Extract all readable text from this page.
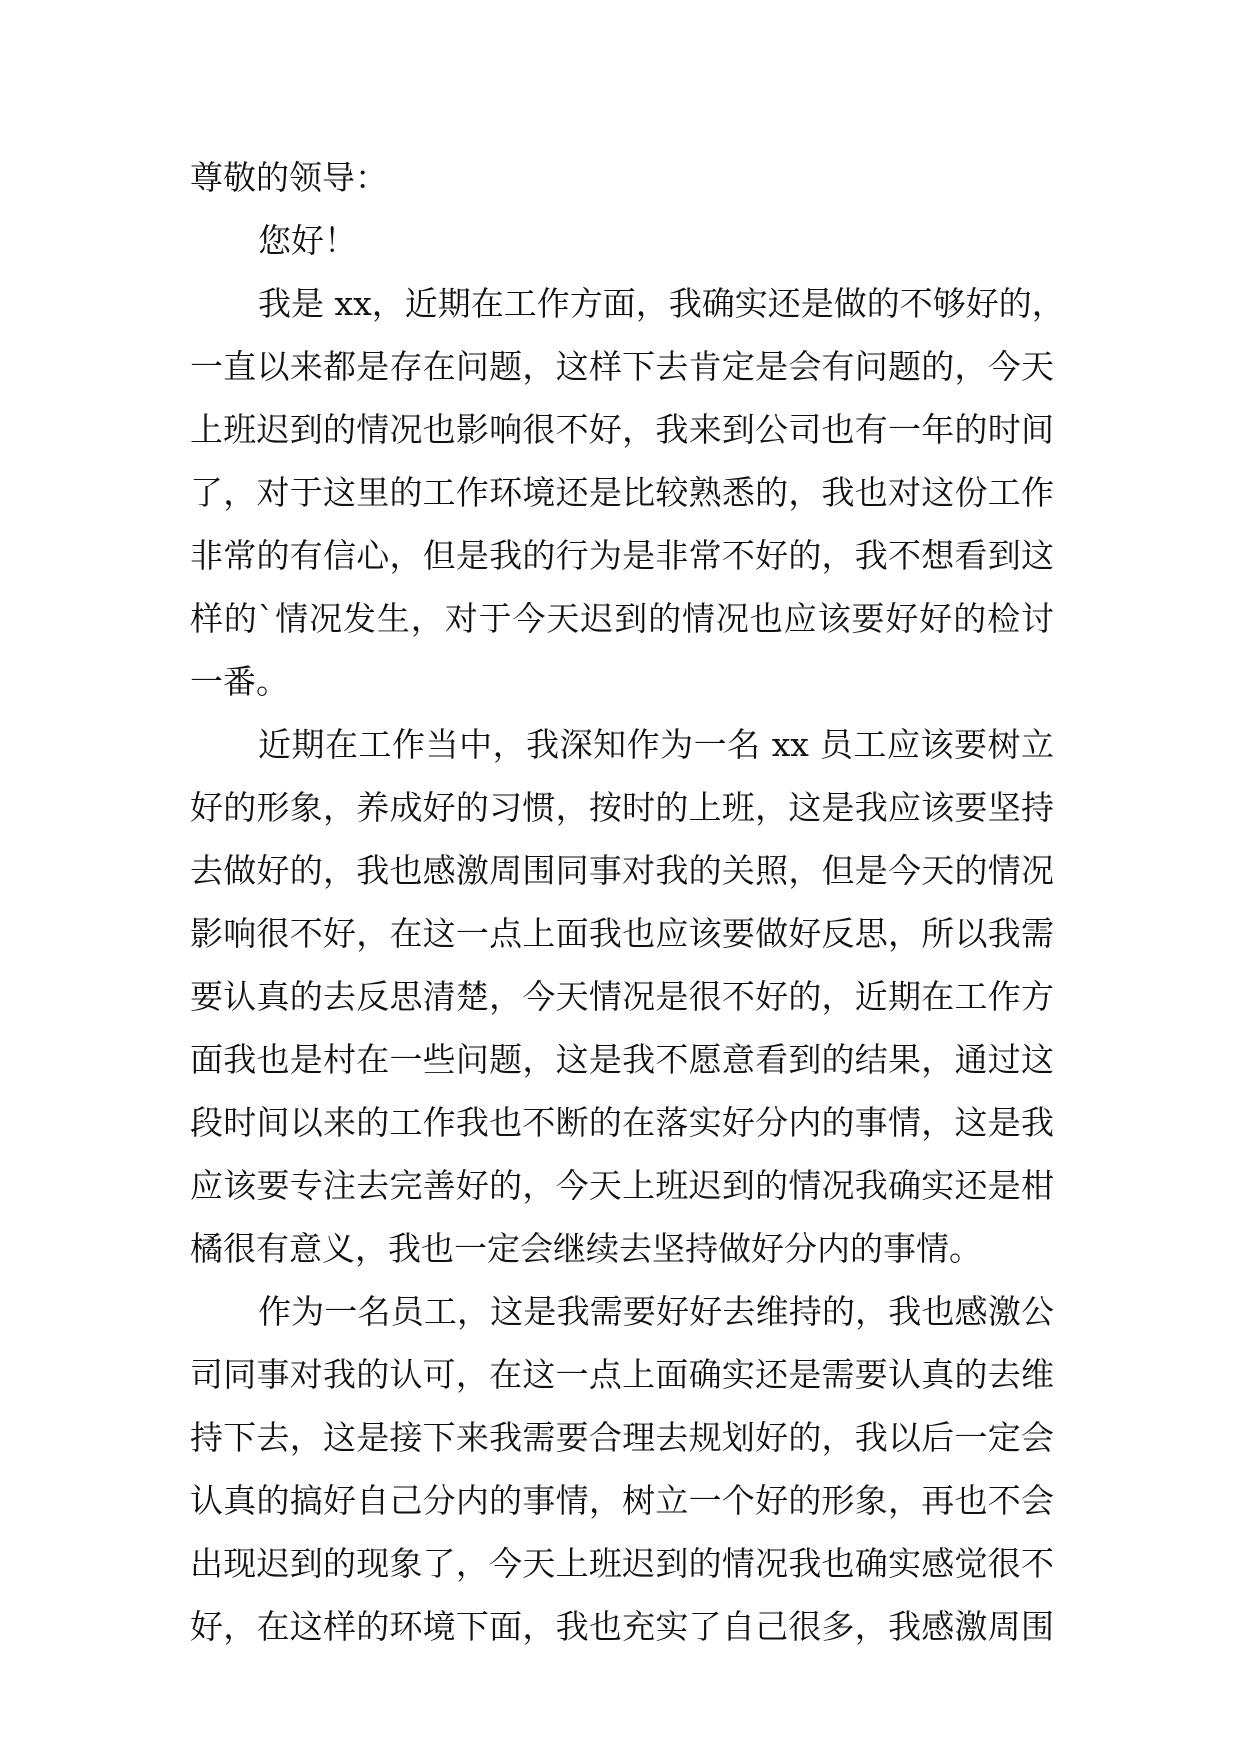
尊敬的领导：
您好！
我是 xx，近期在工作方面，我确实还是做的不够好的，
一直以来都是存在问题，这样下去肯定是会有问题的，今天
上班迟到的情况也影响很不好，我来到公司也有一年的时间
了，对于这里的工作环境还是比较熟悉的，我也对这份工作
非常的有信心，但是我的行为是非常不好的，我不想看到这
样的`情况发生，对于今天迟到的情况也应该要好好的检讨
一番。
近期在工作当中，我深知作为一名 xx 员工应该要树立
好的形象，养成好的习惯，按时的上班，这是我应该要坚持
去做好的，我也感激周围同事对我的关照，但是今天的情况
影响很不好，在这一点上面我也应该要做好反思，所以我需
要认真的去反思清楚，今天情况是很不好的，近期在工作方
面我也是村在一些问题，这是我不愿意看到的结果，通过这
段时间以来的工作我也不断的在落实好分内的事情，这是我
应该要专注去完善好的，今天上班迟到的情况我确实还是柑
橘很有意义，我也一定会继续去坚持做好分内的事情。
作为一名员工，这是我需要好好去维持的，我也感激公
司同事对我的认可，在这一点上面确实还是需要认真的去维
持下去，这是接下来我需要合理去规划好的，我以后一定会
认真的搞好自己分内的事情，树立一个好的形象，再也不会
出现迟到的现象了，今天上班迟到的情况我也确实感觉很不
好，在这样的环境下面，我也充实了自己很多，我感激周围
